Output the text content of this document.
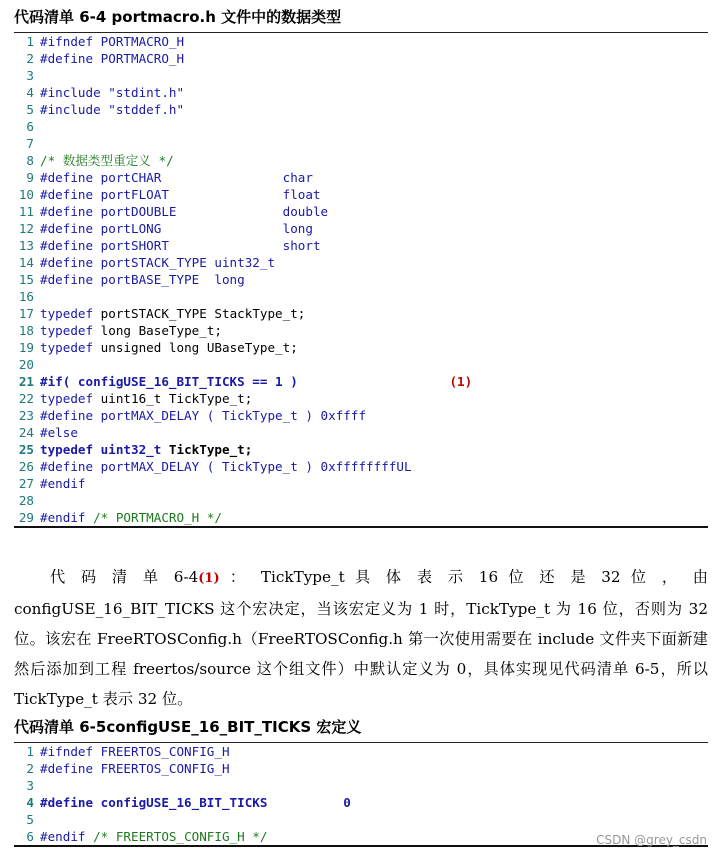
代码清单 6-4 portmacro.h 文件中的数据类型
1 #ifndef PORTMACRO_H
2 #define PORTMACRO_H
3
4 #include "stdint.h"
5 #include "stddef.h"
6
7
8 /* 数据类型重定义 */
9 #define portCHAR                char
10 #define portFLOAT               float
11 #define portDOUBLE              double
12 #define portLONG                long
13 #define portSHORT               short
14 #define portSTACK_TYPE uint32_t
15 #define portBASE_TYPE  long
16
17 typedef portSTACK_TYPE StackType_t;
18 typedef long BaseType_t;
19 typedef unsigned long UBaseType_t;
20
21 #if( configUSE_16_BIT_TICKS == 1 )	(1)
22 typedef uint16_t TickType_t;
23 #define portMAX_DELAY ( TickType_t ) 0xffff
24 #else
25 typedef uint32_t TickType_t;
26 #define portMAX_DELAY ( TickType_t ) 0xffffffffUL
27 #endif
28
29 #endif /* PORTMACRO_H */

代 码 清 单 6-4(1) ： TickType_t 具 体 表 示 16 位 还 是 32 位 ， 由 configUSE_16_BIT_TICKS 这个宏决定，当该宏定义为 1 时，TickType_t 为 16 位，否则为 32 位。该宏在 FreeRTOSConfig.h（FreeRTOSConfig.h 第一次使用需要在 include 文件夹下面新建然后添加到工程 freertos/source 这个组文件）中默认定义为 0，具体实现见代码清单 6-5，所以 TickType_t 表示 32 位。

代码清单 6-5configUSE_16_BIT_TICKS 宏定义
1 #ifndef FREERTOS_CONFIG_H
2 #define FREERTOS_CONFIG_H
3
4 #define configUSE_16_BIT_TICKS          0
5
6 #endif /* FREERTOS_CONFIG_H */	CSDN @grey_csdn
